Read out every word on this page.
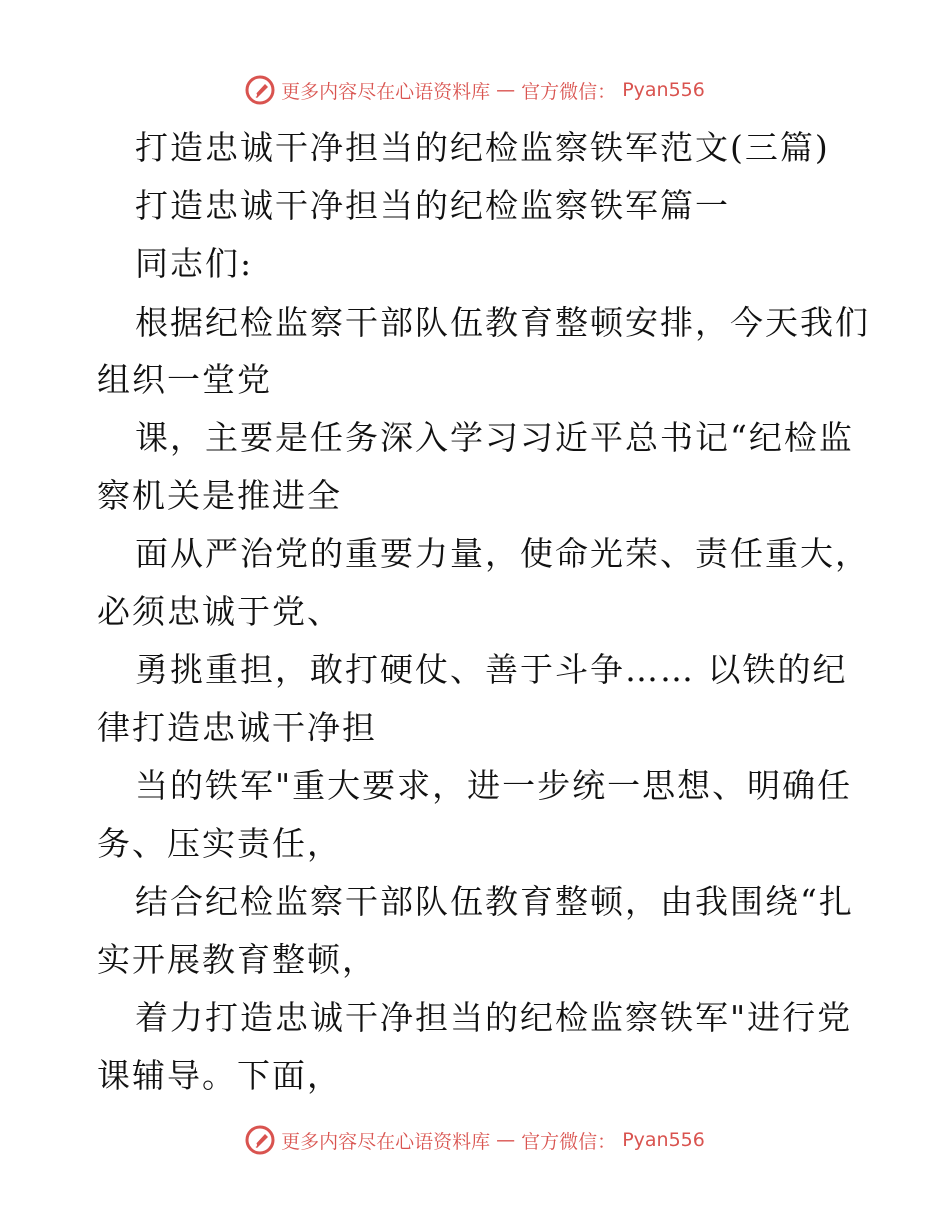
更多内容尽在心语资料库 — 官方微信： Pyan556
打造忠诚干净担当的纪检监察铁军范文(三篇)
打造忠诚干净担当的纪检监察铁军篇一
同志们:
根据纪检监察干部队伍教育整顿安排，今天我们
组织一堂党
课，主要是任务深入学习习近平总书记“纪检监
察机关是推进全
面从严治党的重要力量，使命光荣、责任重大，
必须忠诚于党、
勇挑重担，敢打硬仗、善于斗争…… 以铁的纪
律打造忠诚干净担
当的铁军"重大要求，进一步统一思想、明确任
务、压实责任，
结合纪检监察干部队伍教育整顿，由我围绕“扎
实开展教育整顿，
着力打造忠诚干净担当的纪检监察铁军"进行党
课辅导。下面，
更多内容尽在心语资料库 — 官方微信： Pyan556
